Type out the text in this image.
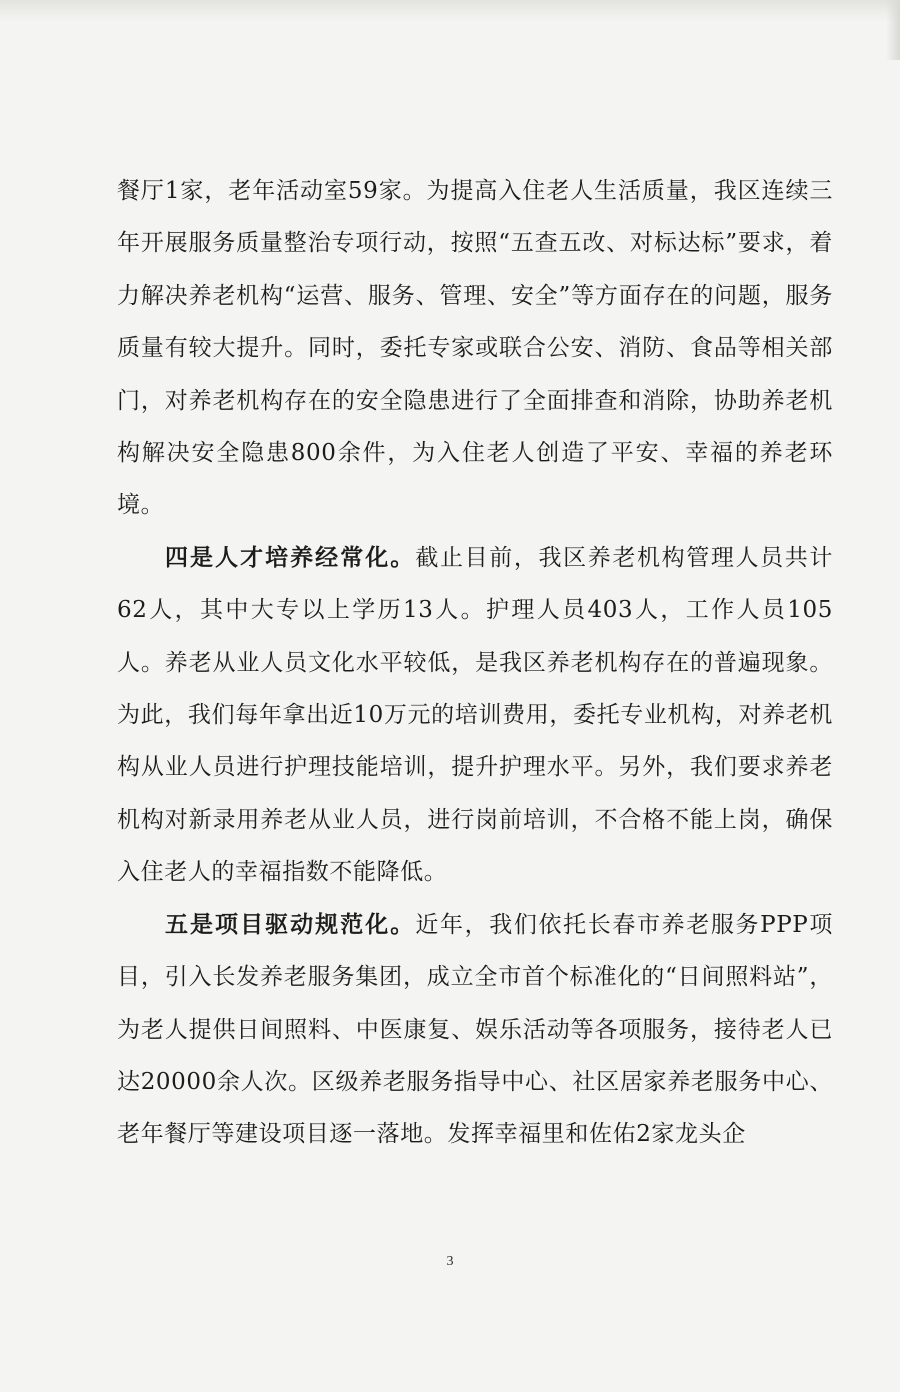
餐厅1家，老年活动室59家。为提高入住老人生活质量，我区连续三年开展服务质量整治专项行动，按照“五查五改、对标达标”要求，着力解决养老机构“运营、服务、管理、安全”等方面存在的问题，服务质量有较大提升。同时，委托专家或联合公安、消防、食品等相关部门，对养老机构存在的安全隐患进行了全面排查和消除，协助养老机构解决安全隐患800余件，为入住老人创造了平安、幸福的养老环境。

四是人才培养经常化。截止目前，我区养老机构管理人员共计62人，其中大专以上学历13人。护理人员403人，工作人员105人。养老从业人员文化水平较低，是我区养老机构存在的普遍现象。为此，我们每年拿出近10万元的培训费用，委托专业机构，对养老机构从业人员进行护理技能培训，提升护理水平。另外，我们要求养老机构对新录用养老从业人员，进行岗前培训，不合格不能上岗，确保入住老人的幸福指数不能降低。

五是项目驱动规范化。近年，我们依托长春市养老服务PPP项目，引入长发养老服务集团，成立全市首个标准化的“日间照料站”，为老人提供日间照料、中医康复、娱乐活动等各项服务，接待老人已达20000余人次。区级养老服务指导中心、社区居家养老服务中心、老年餐厅等建设项目逐一落地。发挥幸福里和佐佑2家龙头企

3
